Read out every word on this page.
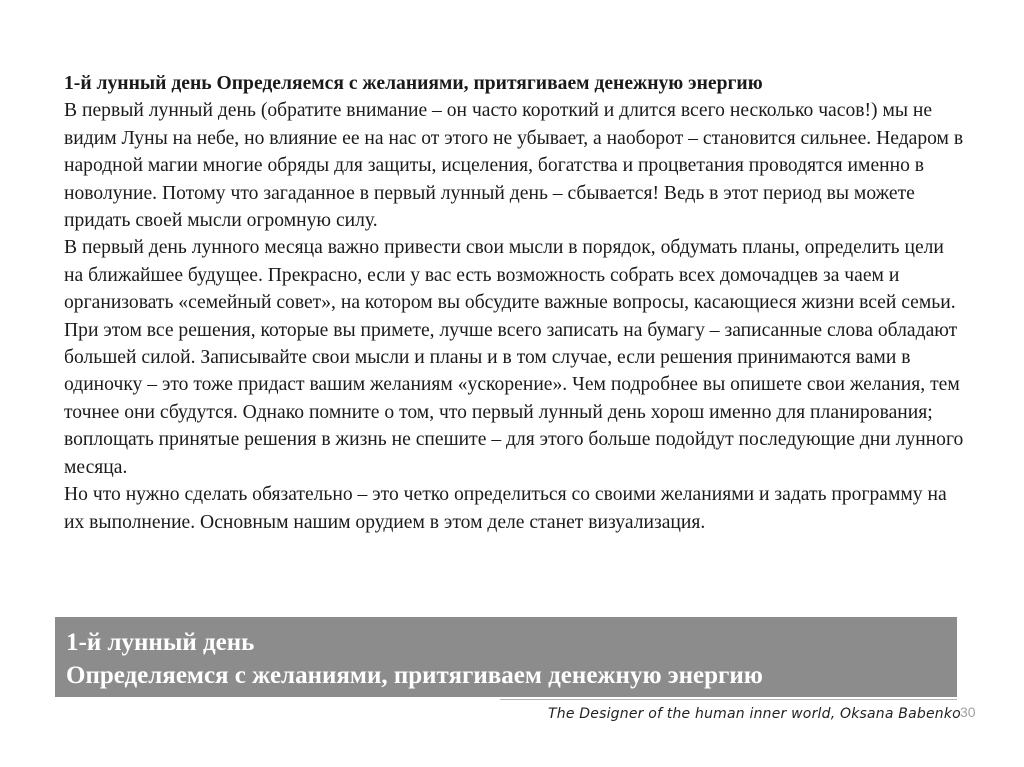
1-й лунный день Определяемся с желаниями, притягиваем денежную энергию

В первый лунный день (обратите внимание – он часто короткий и длится всего несколько часов!) мы не видим Луны на небе, но влияние ее на нас от этого не убывает, а наоборот – становится сильнее. Недаром в народной магии многие обряды для защиты, исцеления, богатства и процветания проводятся именно в новолуние. Потому что загаданное в первый лунный день – сбывается! Ведь в этот период вы можете придать своей мысли огромную силу.

В первый день лунного месяца важно привести свои мысли в порядок, обдумать планы, определить цели на ближайшее будущее. Прекрасно, если у вас есть возможность собрать всех домочадцев за чаем и организовать «семейный совет», на котором вы обсудите важные вопросы, касающиеся жизни всей семьи. При этом все решения, которые вы примете, лучше всего записать на бумагу – записанные слова обладают большей силой. Записывайте свои мысли и планы и в том случае, если решения принимаются вами в одиночку – это тоже придаст вашим желаниям «ускорение». Чем подробнее вы опишете свои желания, тем точнее они сбудутся. Однако помните о том, что первый лунный день хорош именно для планирования; воплощать принятые решения в жизнь не спешите – для этого больше подойдут последующие дни лунного месяца.

Но что нужно сделать обязательно – это четко определиться со своими желаниями и задать программу на их выполнение. Основным нашим орудием в этом деле станет визуализация.

1-й лунный день
Определяемся с желаниями, притягиваем денежную энергию
The Designer of the human inner world, Oksana Babenko 30
